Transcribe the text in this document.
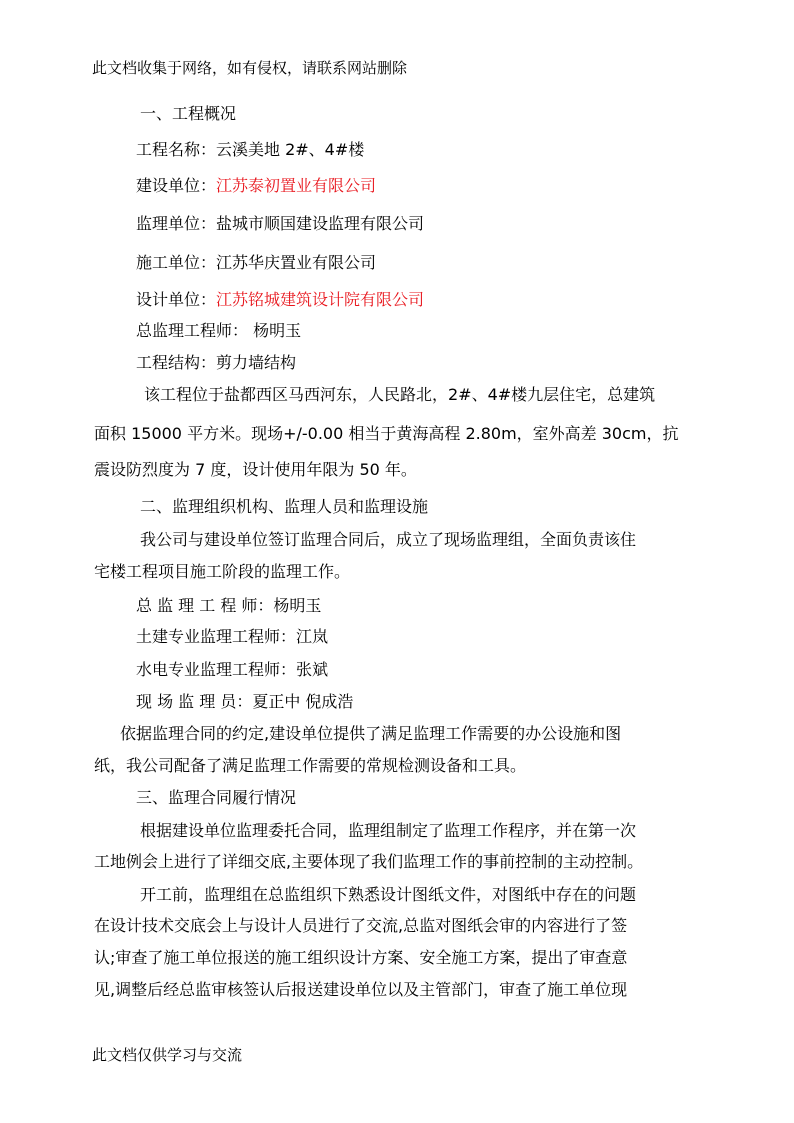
此文档收集于网络，如有侵权，请联系网站删除
一、工程概况
工程名称：云溪美地 2#、4#楼
建设单位：江苏泰初置业有限公司
监理单位：盐城市顺国建设监理有限公司
施工单位：江苏华庆置业有限公司
设计单位：江苏铭城建筑设计院有限公司
总监理工程师： 杨明玉
工程结构：剪力墙结构
该工程位于盐都西区马西河东，人民路北，2#、4#楼九层住宅，总建筑
面积 15000 平方米。现场+/-0.00 相当于黄海高程 2.80m，室外高差 30cm，抗
震设防烈度为 7 度，设计使用年限为 50 年。
二、监理组织机构、监理人员和监理设施
我公司与建设单位签订监理合同后，成立了现场监理组，全面负责该住
宅楼工程项目施工阶段的监理工作。
总 监 理 工 程 师：杨明玉
土建专业监理工程师：江岚
水电专业监理工程师：张斌
现 场 监 理 员：夏正中 倪成浩
依据监理合同的约定,建设单位提供了满足监理工作需要的办公设施和图
纸，我公司配备了满足监理工作需要的常规检测设备和工具。
三、监理合同履行情况
根据建设单位监理委托合同，监理组制定了监理工作程序，并在第一次
工地例会上进行了详细交底,主要体现了我们监理工作的事前控制的主动控制。
开工前，监理组在总监组织下熟悉设计图纸文件，对图纸中存在的问题
在设计技术交底会上与设计人员进行了交流,总监对图纸会审的内容进行了签
认;审查了施工单位报送的施工组织设计方案、安全施工方案，提出了审查意
见,调整后经总监审核签认后报送建设单位以及主管部门，审查了施工单位现
此文档仅供学习与交流
